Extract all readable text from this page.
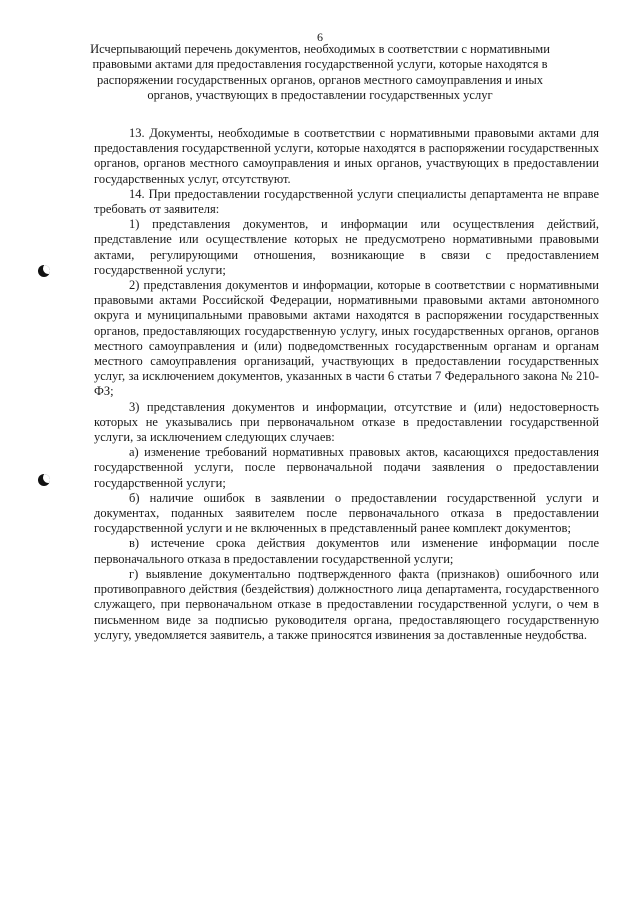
6
Исчерпывающий перечень документов, необходимых в соответствии с нормативными правовыми актами для предоставления государственной услуги, которые находятся в распоряжении государственных органов, органов местного самоуправления и иных органов, участвующих в предоставлении государственных услуг

13. Документы, необходимые в соответствии с нормативными правовыми актами для предоставления государственной услуги, которые находятся в распоряжении государственных органов, органов местного самоуправления и иных органов, участвующих в предоставлении государственных услуг, отсутствуют.

14. При предоставлении государственной услуги специалисты департамента не вправе требовать от заявителя:

1) представления документов, и информации или осуществления действий, представление или осуществление которых не предусмотрено нормативными правовыми актами, регулирующими отношения, возникающие в связи с предоставлением государственной услуги;

2) представления документов и информации, которые в соответствии с нормативными правовыми актами Российской Федерации, нормативными правовыми актами автономного округа и муниципальными правовыми актами находятся в распоряжении государственных органов, предоставляющих государственную услугу, иных государственных органов, органов местного самоуправления и (или) подведомственных государственным органам и органам местного самоуправления организаций, участвующих в предоставлении государственных услуг, за исключением документов, указанных в части 6 статьи 7 Федерального закона № 210-ФЗ;

3) представления документов и информации, отсутствие и (или) недостоверность которых не указывались при первоначальном отказе в предоставлении государственной услуги, за исключением следующих случаев:

а) изменение требований нормативных правовых актов, касающихся предоставления государственной услуги, после первоначальной подачи заявления о предоставлении государственной услуги;

б) наличие ошибок в заявлении о предоставлении государственной услуги и документах, поданных заявителем после первоначального отказа в предоставлении государственной услуги и не включенных в представленный ранее комплект документов;

в) истечение срока действия документов или изменение информации после первоначального отказа в предоставлении государственной услуги;

г) выявление документально подтвержденного факта (признаков) ошибочного или противоправного действия (бездействия) должностного лица департамента, государственного служащего, при первоначальном отказе в предоставлении государственной услуги, о чем в письменном виде за подписью руководителя органа, предоставляющего государственную услугу, уведомляется заявитель, а также приносятся извинения за доставленные неудобства.
